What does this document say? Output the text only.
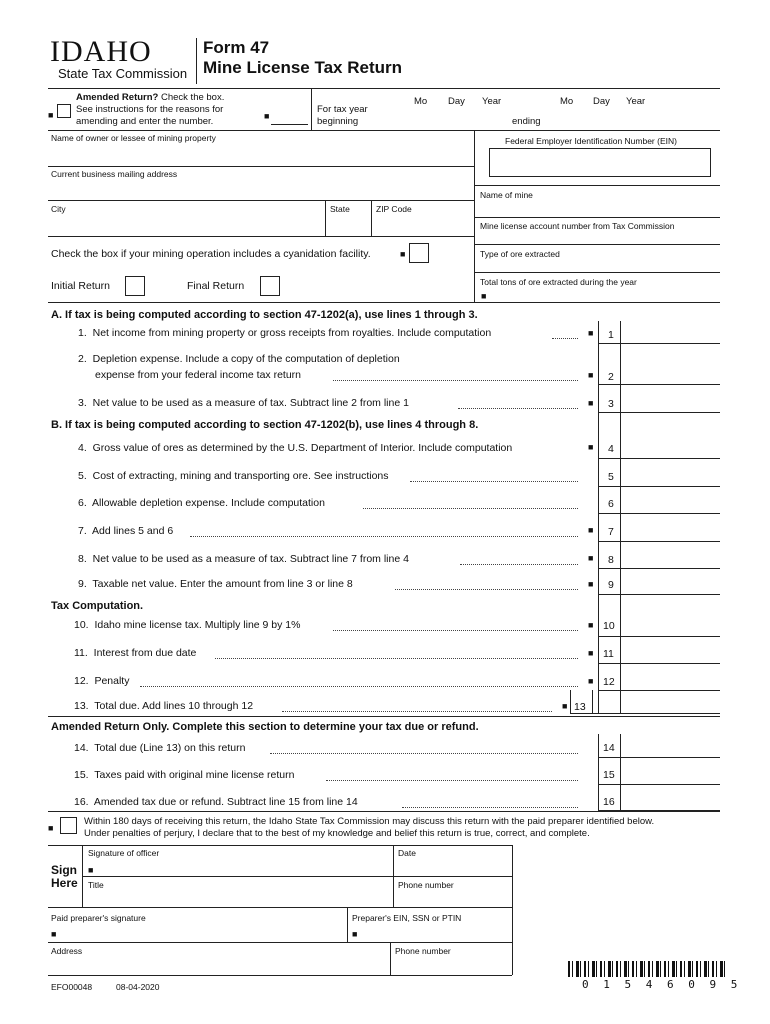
IDAHO
State Tax Commission
Form 47
Mine License Tax Return
■
Amended Return? Check the box.
See instructions for the reasons for
amending and enter the number.	■
For tax year
beginning
Mo Day Year
ending
Mo Day Year
Name of owner or lessee of mining property	Federal Employer Identification Number (EIN)
Current business mailing address
Name of mine
City	State	ZIP Code
Mine license account number from Tax Commission
Check the box if your mining operation includes a cyanidation facility.	■	Type of ore extracted
Total tons of ore extracted during the year
■
Initial Return	Final Return
A. If tax is being computed according to section 47-1202(a), use lines 1 through 3.
1. Net income from mining property or gross receipts from royalties. Include computation	■ 1
2. Depletion expense. Include a copy of the computation of depletion
expense from your federal income tax return	■ 2
3. Net value to be used as a measure of tax. Subtract line 2 from line 1	■ 3
B. If tax is being computed according to section 47-1202(b), use lines 4 through 8.
4. Gross value of ores as determined by the U.S. Department of Interior. Include computation	■ 4
5. Cost of extracting, mining and transporting ore. See instructions	5
6. Allowable depletion expense. Include computation	6
7. Add lines 5 and 6	■ 7
8. Net value to be used as a measure of tax. Subtract line 7 from line 4	■ 8
9. Taxable net value. Enter the amount from line 3 or line 8	■ 9
Tax Computation.
10. Idaho mine license tax. Multiply line 9 by 1%	■ 10
11. Interest from due date	■ 11
12. Penalty	■ 12
13. Total due. Add lines 10 through 12	■ 13
Amended Return Only. Complete this section to determine your tax due or refund.
14. Total due (Line 13) on this return	14
15. Taxes paid with original mine license return	15
16. Amended tax due or refund. Subtract line 15 from line 14	16
■
Within 180 days of receiving this return, the Idaho State Tax Commission may discuss this return with the paid preparer identified below.
Under penalties of perjury, I declare that to the best of my knowledge and belief this return is true, correct, and complete.
Sign
Here
Signature of officer
■
Date
Title	Phone number
Paid preparer's signature
■
Preparer's EIN, SSN or PTIN
■
Address	Phone number
EFO00048	08-04-2020	0 1 5 4 6 0 9 5
